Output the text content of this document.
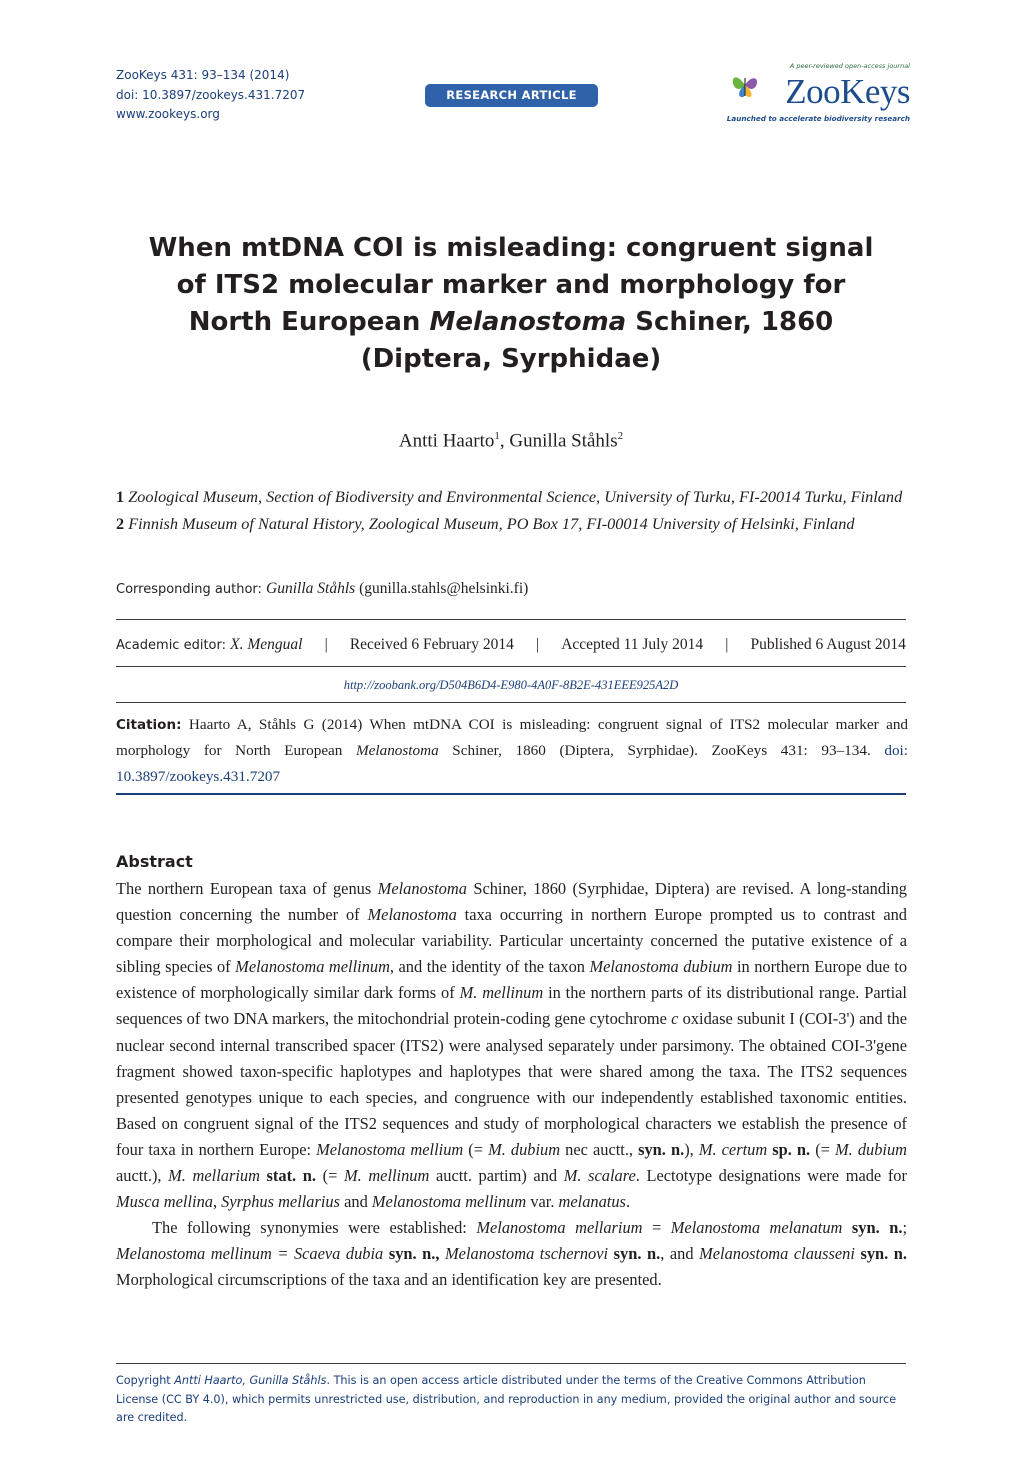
ZooKeys 431: 93–134 (2014)
doi: 10.3897/zookeys.431.7207
www.zookeys.org
RESEARCH ARTICLE
A peer-reviewed open-access journal
ZooKeys
Launched to accelerate biodiversity research
When mtDNA COI is misleading: congruent signal
of ITS2 molecular marker and morphology for
North European Melanostoma Schiner, 1860
(Diptera, Syrphidae)
Antti Haarto$^1$, Gunilla Ståhls$^2$
1 Zoological Museum, Section of Biodiversity and Environmental Science, University of Turku, FI-20014 Turku, Finland 2 Finnish Museum of Natural History, Zoological Museum, PO Box 17, FI-00014 University of Helsinki, Finland
Corresponding author: Gunilla Ståhls (gunilla.stahls@helsinki.fi)
Academic editor: X. Mengual | Received 6 February 2014 | Accepted 11 July 2014 | Published 6 August 2014
http://zoobank.org/D504B6D4-E980-4A0F-8B2E-431EEE925A2D
Citation: Haarto A, Ståhls G (2014) When mtDNA COI is misleading: congruent signal of ITS2 molecular marker and morphology for North European Melanostoma Schiner, 1860 (Diptera, Syrphidae). ZooKeys 431: 93–134. doi: 10.3897/zookeys.431.7207
Abstract

The northern European taxa of genus Melanostoma Schiner, 1860 (Syrphidae, Diptera) are revised. A long-standing question concerning the number of Melanostoma taxa occurring in northern Europe prompted us to contrast and compare their morphological and molecular variability. Particular uncertainty concerned the putative existence of a sibling species of Melanostoma mellinum, and the identity of the taxon Melanostoma dubium in northern Europe due to existence of morphologically similar dark forms of M. mellinum in the northern parts of its distributional range. Partial sequences of two DNA markers, the mitochondrial protein-coding gene cytochrome c oxidase subunit I (COI-3') and the nuclear second internal transcribed spacer (ITS2) were analysed separately under parsimony. The obtained COI-3'gene fragment showed taxon-specific haplotypes and haplotypes that were shared among the taxa. The ITS2 sequences presented genotypes unique to each species, and congruence with our independently established taxonomic entities. Based on congruent signal of the ITS2 sequences and study of morphological characters we establish the presence of four taxa in northern Europe: Melanostoma mellium (= M. dubium nec auctt., syn. n.), M. certum sp. n. (= M. dubium auctt.), M. mellarium stat. n. (= M. mellinum auctt. partim) and M. scalare. Lectotype designations were made for Musca mellina, Syrphus mellarius and Melanostoma mellinum var. melanatus.

The following synonymies were established: Melanostoma mellarium = Melanostoma melanatum syn. n.; Melanostoma mellinum = Scaeva dubia syn. n., Melanostoma tschernovi syn. n., and Melanostoma clausseni syn. n. Morphological circumscriptions of the taxa and an identification key are presented.

Copyright Antti Haarto, Gunilla Ståhls. This is an open access article distributed under the terms of the Creative Commons Attribution License (CC BY 4.0), which permits unrestricted use, distribution, and reproduction in any medium, provided the original author and source are credited.
